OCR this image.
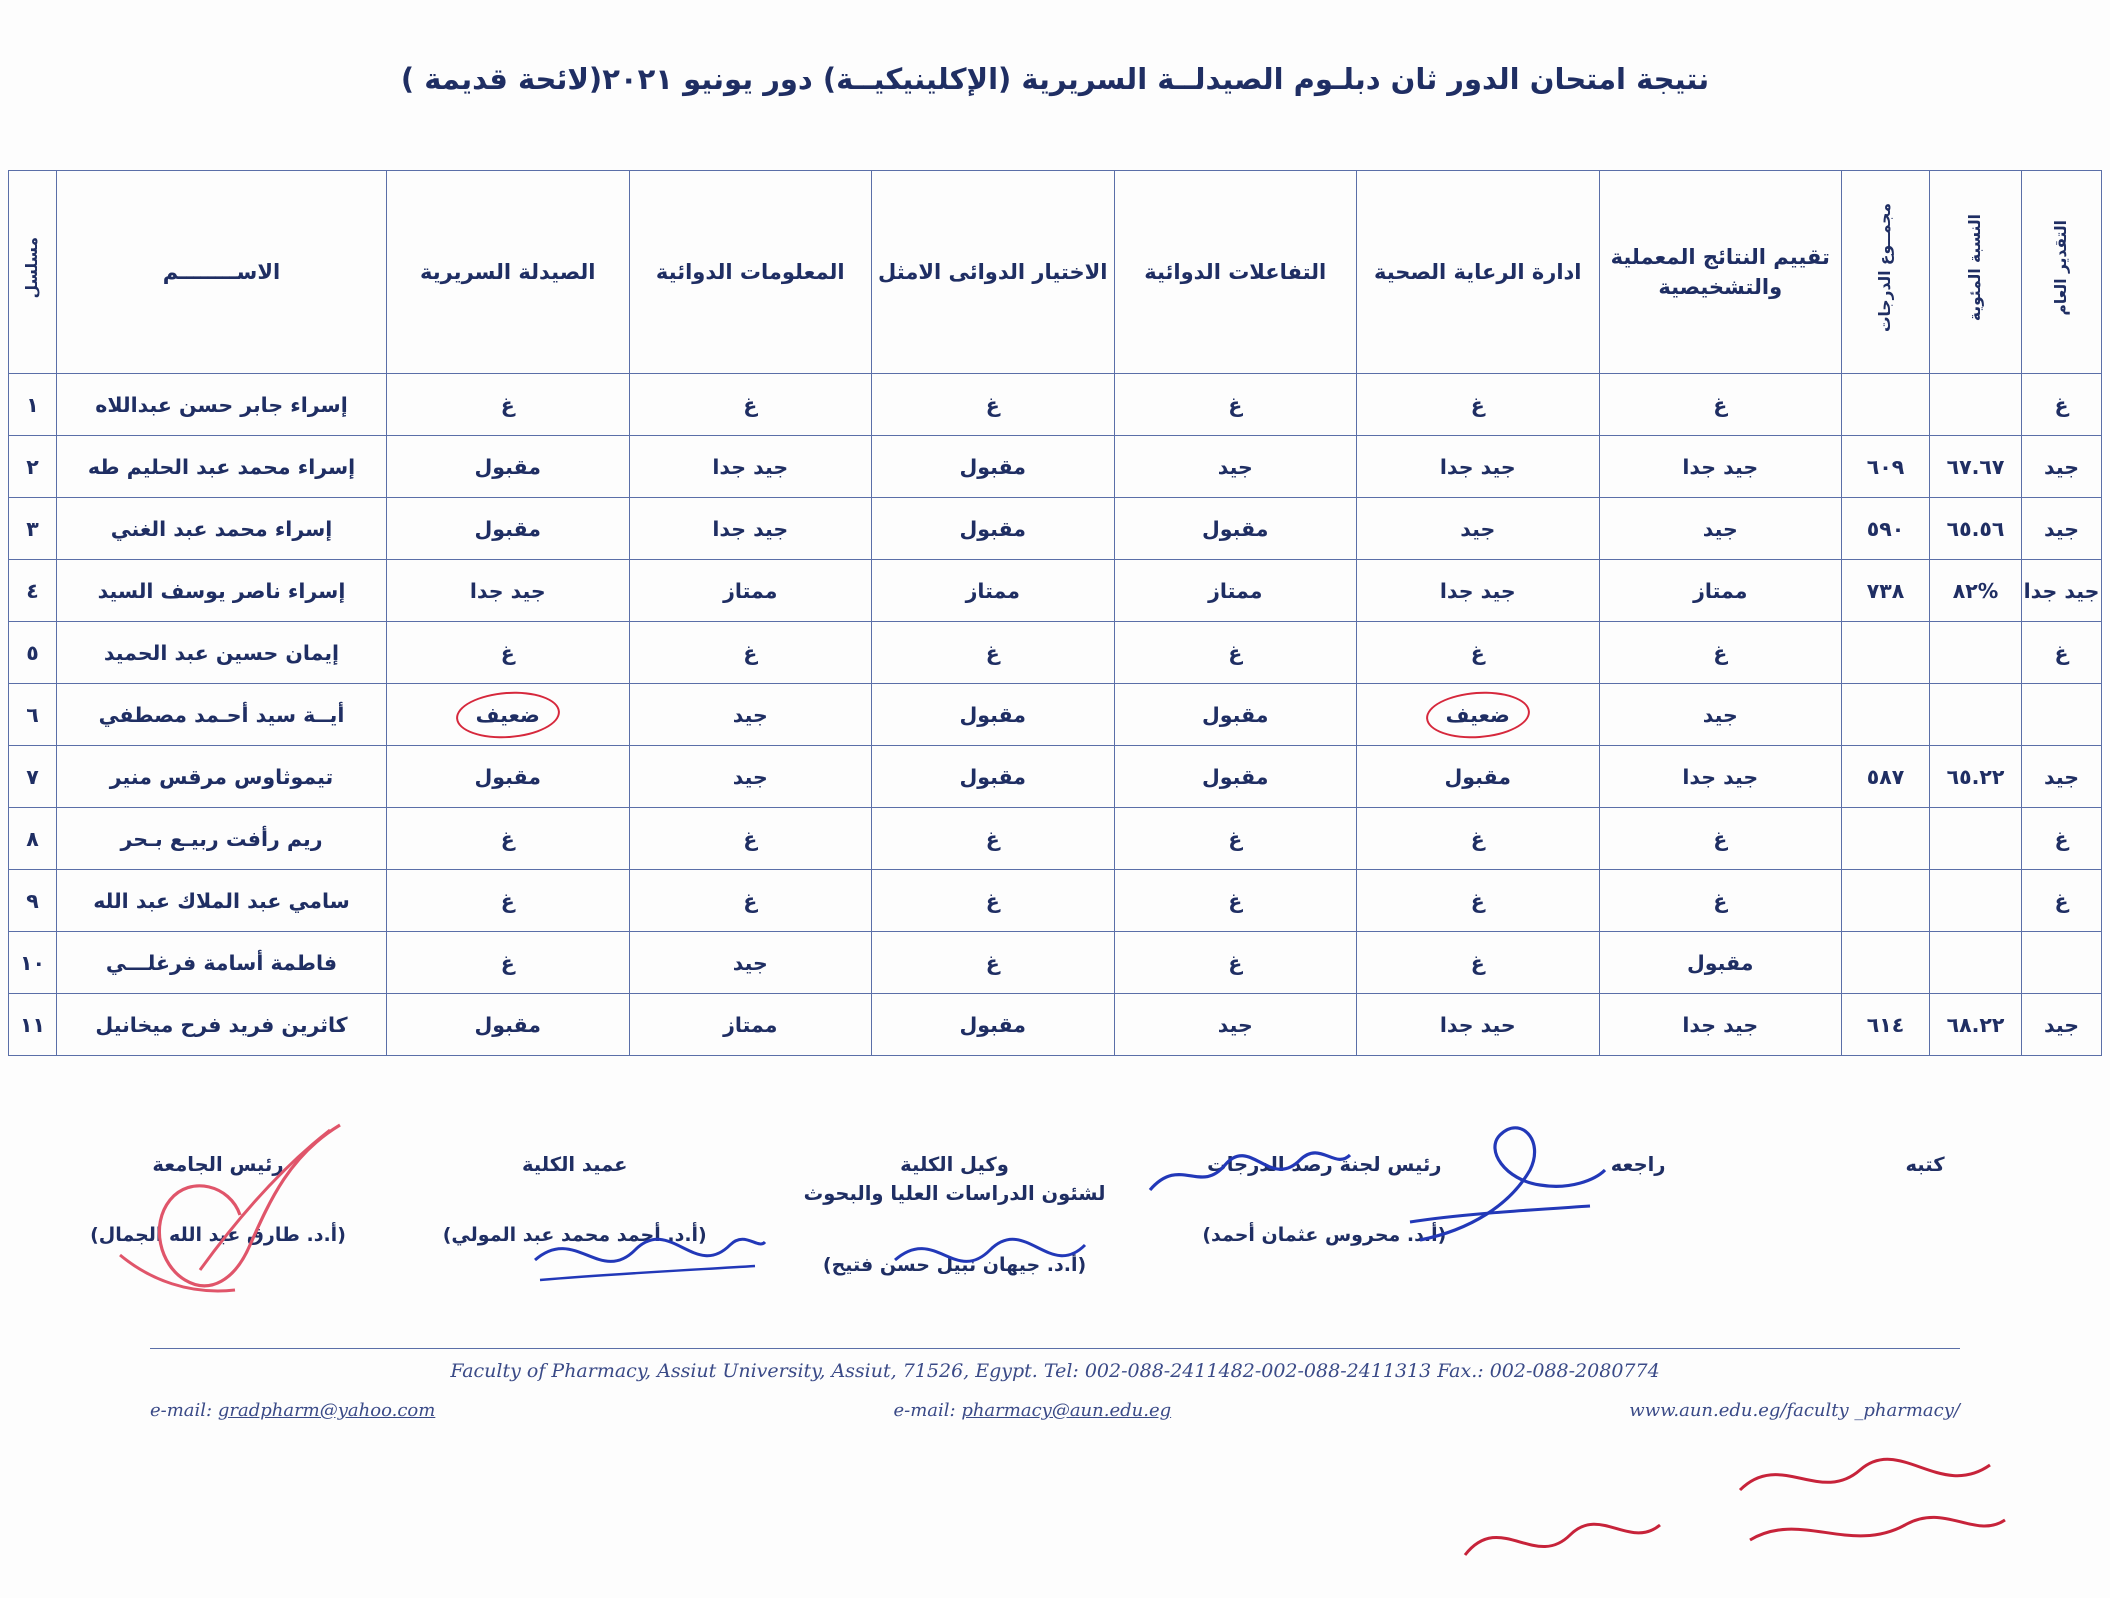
نتيجة امتحان الدور ثان دبلـوم الصيدلــة السريرية (الإكلينيكيــة) دور يونيو ٢٠٢١(لائحة قديمة )
التقدير العام	النسبة المئوية	مجمــوع الدرجات	تقييم النتائج المعملية والتشخيصية	ادارة الرعاية الصحية	التفاعلات الدوائية	الاختيار الدوائى الامثل	المعلومات الدوائية	الصيدلة السريرية	الاســــــــم	مسلسل
غ			غ	غ	غ	غ	غ	غ	إسراء جابر حسن عبداللاه	١
جيد	٦٧.٦٧	٦٠٩	جيد جدا	جيد جدا	جيد	مقبول	جيد جدا	مقبول	إسراء محمد عبد الحليم طه	٢
جيد	٦٥.٥٦	٥٩٠	جيد	جيد	مقبول	مقبول	جيد جدا	مقبول	إسراء محمد عبد الغني	٣
جيد جدا	%٨٢	٧٣٨	ممتاز	جيد جدا	ممتاز	ممتاز	ممتاز	جيد جدا	إسراء ناصر يوسف السيد	٤
غ			غ	غ	غ	غ	غ	غ	إيمان حسين عبد الحميد	٥
			جيد	ضعيف	مقبول	مقبول	جيد	ضعيف	أيــة سيد أحـمد مصطفي	٦
جيد	٦٥.٢٢	٥٨٧	جيد جدا	مقبول	مقبول	مقبول	جيد	مقبول	تيموثاوس مرقس منير	٧
غ			غ	غ	غ	غ	غ	غ	ريم رأفت ربيـع بـحر	٨
غ			غ	غ	غ	غ	غ	غ	سامي عبد الملاك عبد الله	٩
			مقبول	غ	غ	غ	جيد	غ	فاطمة أسامة فرغلـــي	١٠
جيد	٦٨.٢٢	٦١٤	جيد جدا	حيد جدا	جيد	مقبول	ممتاز	مقبول	كاثرين فريد فرح ميخانيل	١١
كتبه
راجعه
رئيس لجنة رصد الدرجات
(أ.د. محروس عثمان أحمد)
وكيل الكلية
لشئون الدراسات العليا والبحوث
(أ.د. جيهان نبيل حسن فتيح)
عميد الكلية
(أ.د. أحمد محمد عبد المولي)
رئيس الجامعة
(أ.د. طارق عبد الله الجمال)
Faculty of Pharmacy, Assiut University, Assiut, 71526, Egypt. Tel: 002-088-2411482-002-088-2411313 Fax.: 002-088-2080774
e-mail: gradpharm@yahoo.com	e-mail: pharmacy@aun.edu.eg	www.aun.edu.eg/faculty _pharmacy/
